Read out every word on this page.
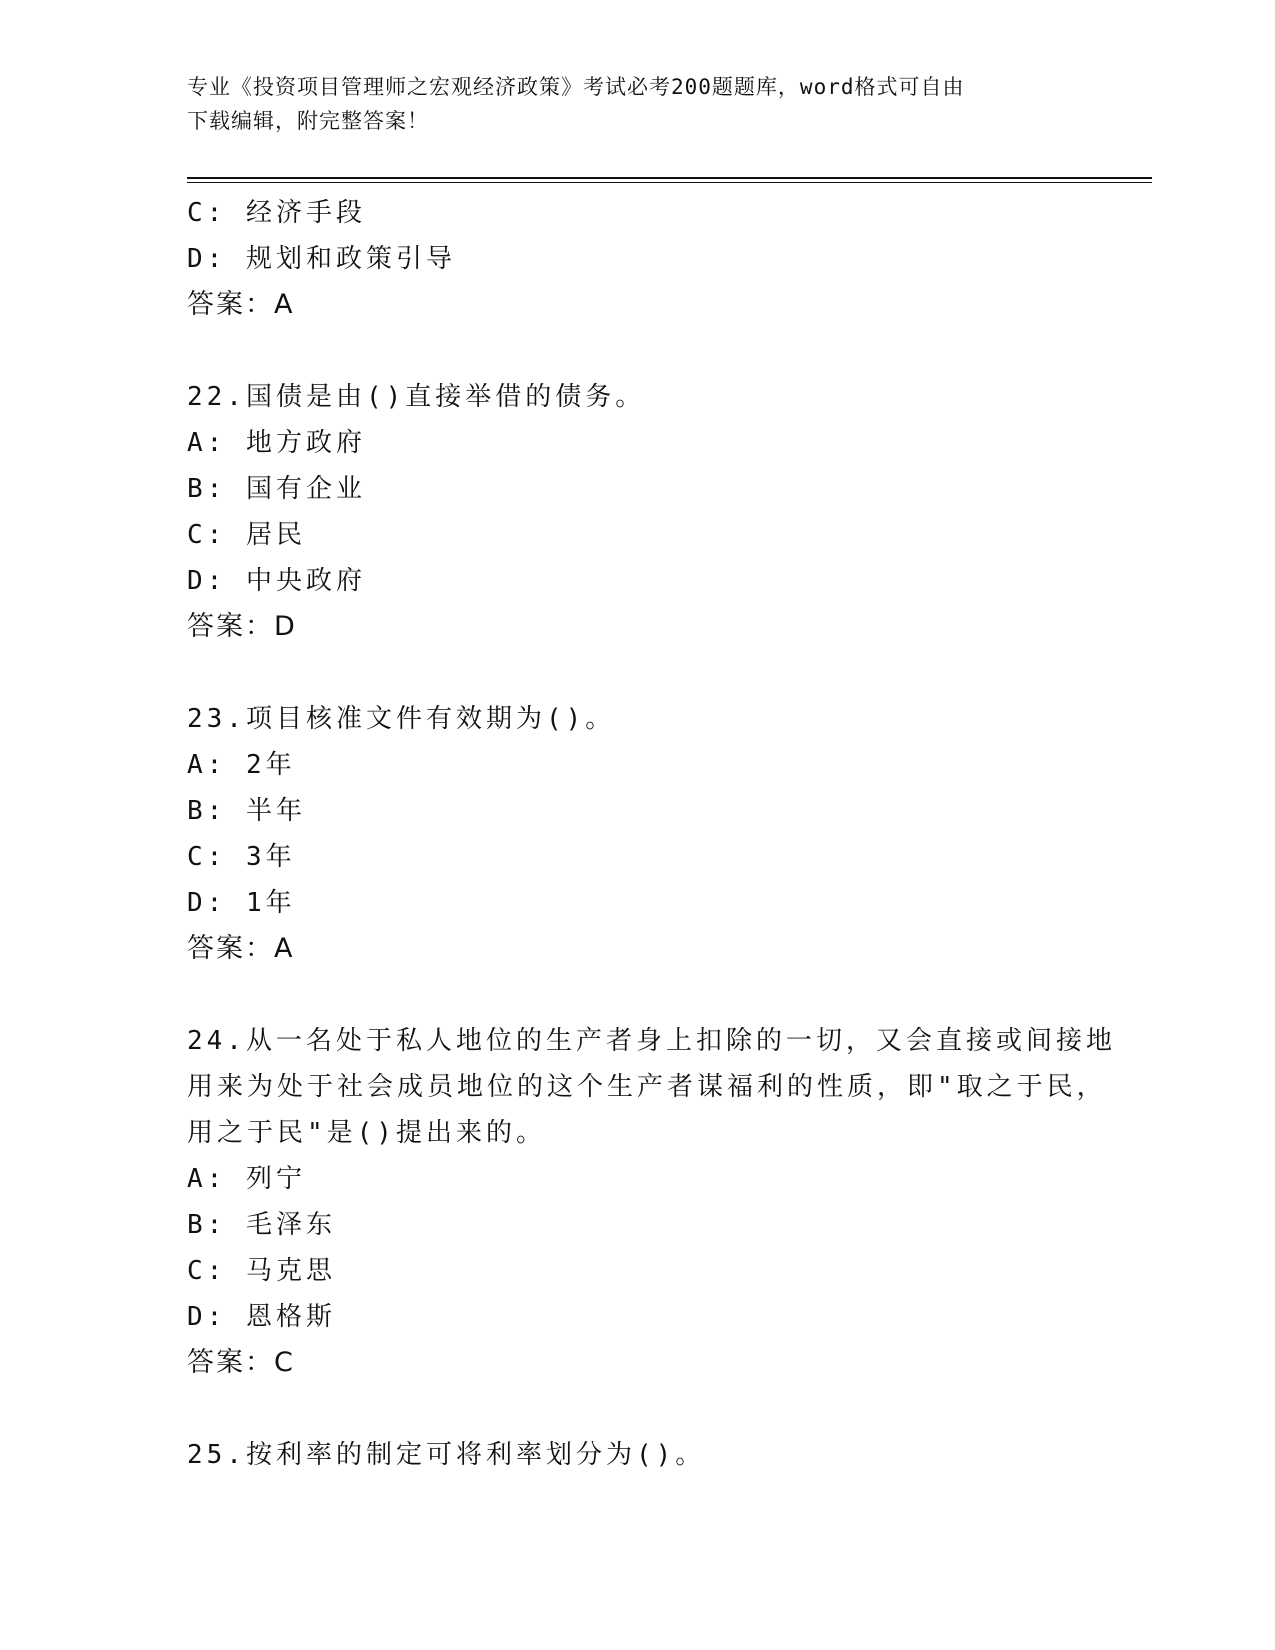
专业《投资项目管理师之宏观经济政策》考试必考200题题库，word格式可自由
下载编辑，附完整答案！
C: 经济手段
D: 规划和政策引导
答案：A
22.国债是由()直接举借的债务。
A: 地方政府
B: 国有企业
C: 居民
D: 中央政府
答案：D
23.项目核准文件有效期为()。
A: 2年
B: 半年
C: 3年
D: 1年
答案：A
24.从一名处于私人地位的生产者身上扣除的一切，又会直接或间接地
用来为处于社会成员地位的这个生产者谋福利的性质，即"取之于民，
用之于民"是()提出来的。
A: 列宁
B: 毛泽东
C: 马克思
D: 恩格斯
答案：C
25.按利率的制定可将利率划分为()。
